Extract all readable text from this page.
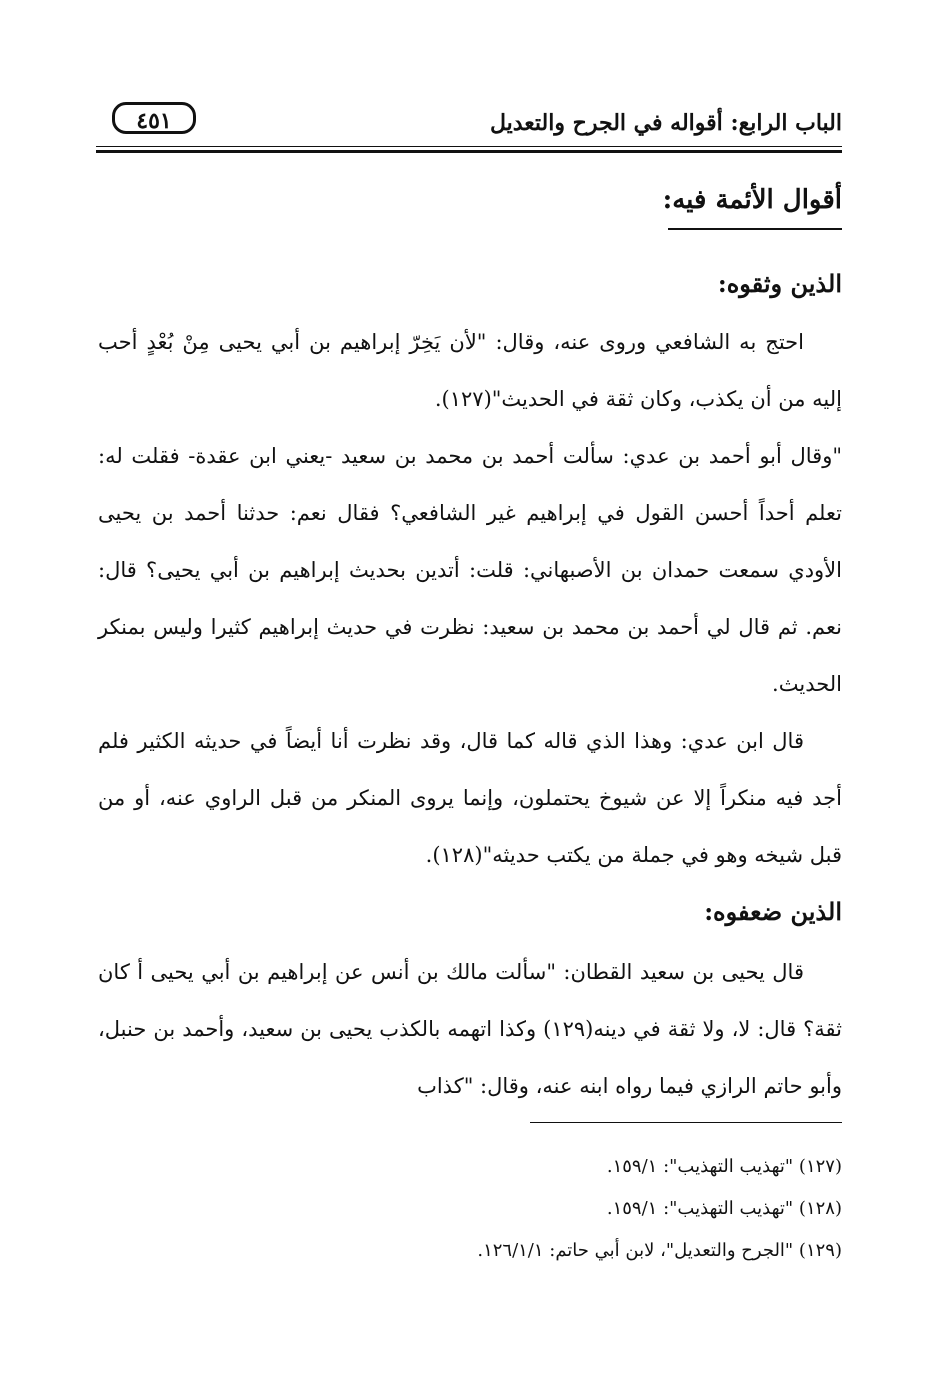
الباب الرابع: أقواله في الجرح والتعديل
٤٥١
أقوال الأئمة فيه:
الذين وثقوه:
احتج به الشافعي وروى عنه، وقال: "لأن يَخِرّ إبراهيم بن أبي يحيى مِنْ بُعْدٍ أحب إليه من أن يكذب، وكان ثقة في الحديث"(١٢٧).
"وقال أبو أحمد بن عدي: سألت أحمد بن محمد بن سعيد -يعني ابن عقدة- فقلت له: تعلم أحداً أحسن القول في إبراهيم غير الشافعي؟ فقال نعم: حدثنا أحمد بن يحيى الأودي سمعت حمدان بن الأصبهاني: قلت: أتدين بحديث إبراهيم بن أبي يحيى؟ قال: نعم. ثم قال لي أحمد بن محمد بن سعيد: نظرت في حديث إبراهيم كثيرا وليس بمنكر الحديث.
قال ابن عدي: وهذا الذي قاله كما قال، وقد نظرت أنا أيضاً في حديثه الكثير فلم أجد فيه منكراً إلا عن شيوخ يحتملون، وإنما يروى المنكر من قبل الراوي عنه، أو من قبل شيخه وهو في جملة من يكتب حديثه"(١٢٨).
الذين ضعفوه:
قال يحيى بن سعيد القطان: "سألت مالك بن أنس عن إبراهيم بن أبي يحيى أ كان ثقة؟ قال: لا، ولا ثقة في دينه(١٢٩) وكذا اتهمه بالكذب يحيى بن سعيد، وأحمد بن حنبل، وأبو حاتم الرازي فيما رواه ابنه عنه، وقال: "كذاب
(١٢٧) "تهذيب التهذيب": ١٥٩/١.
(١٢٨) "تهذيب التهذيب": ١٥٩/١.
(١٢٩) "الجرح والتعديل"، لابن أبي حاتم: ١٢٦/١/١.
